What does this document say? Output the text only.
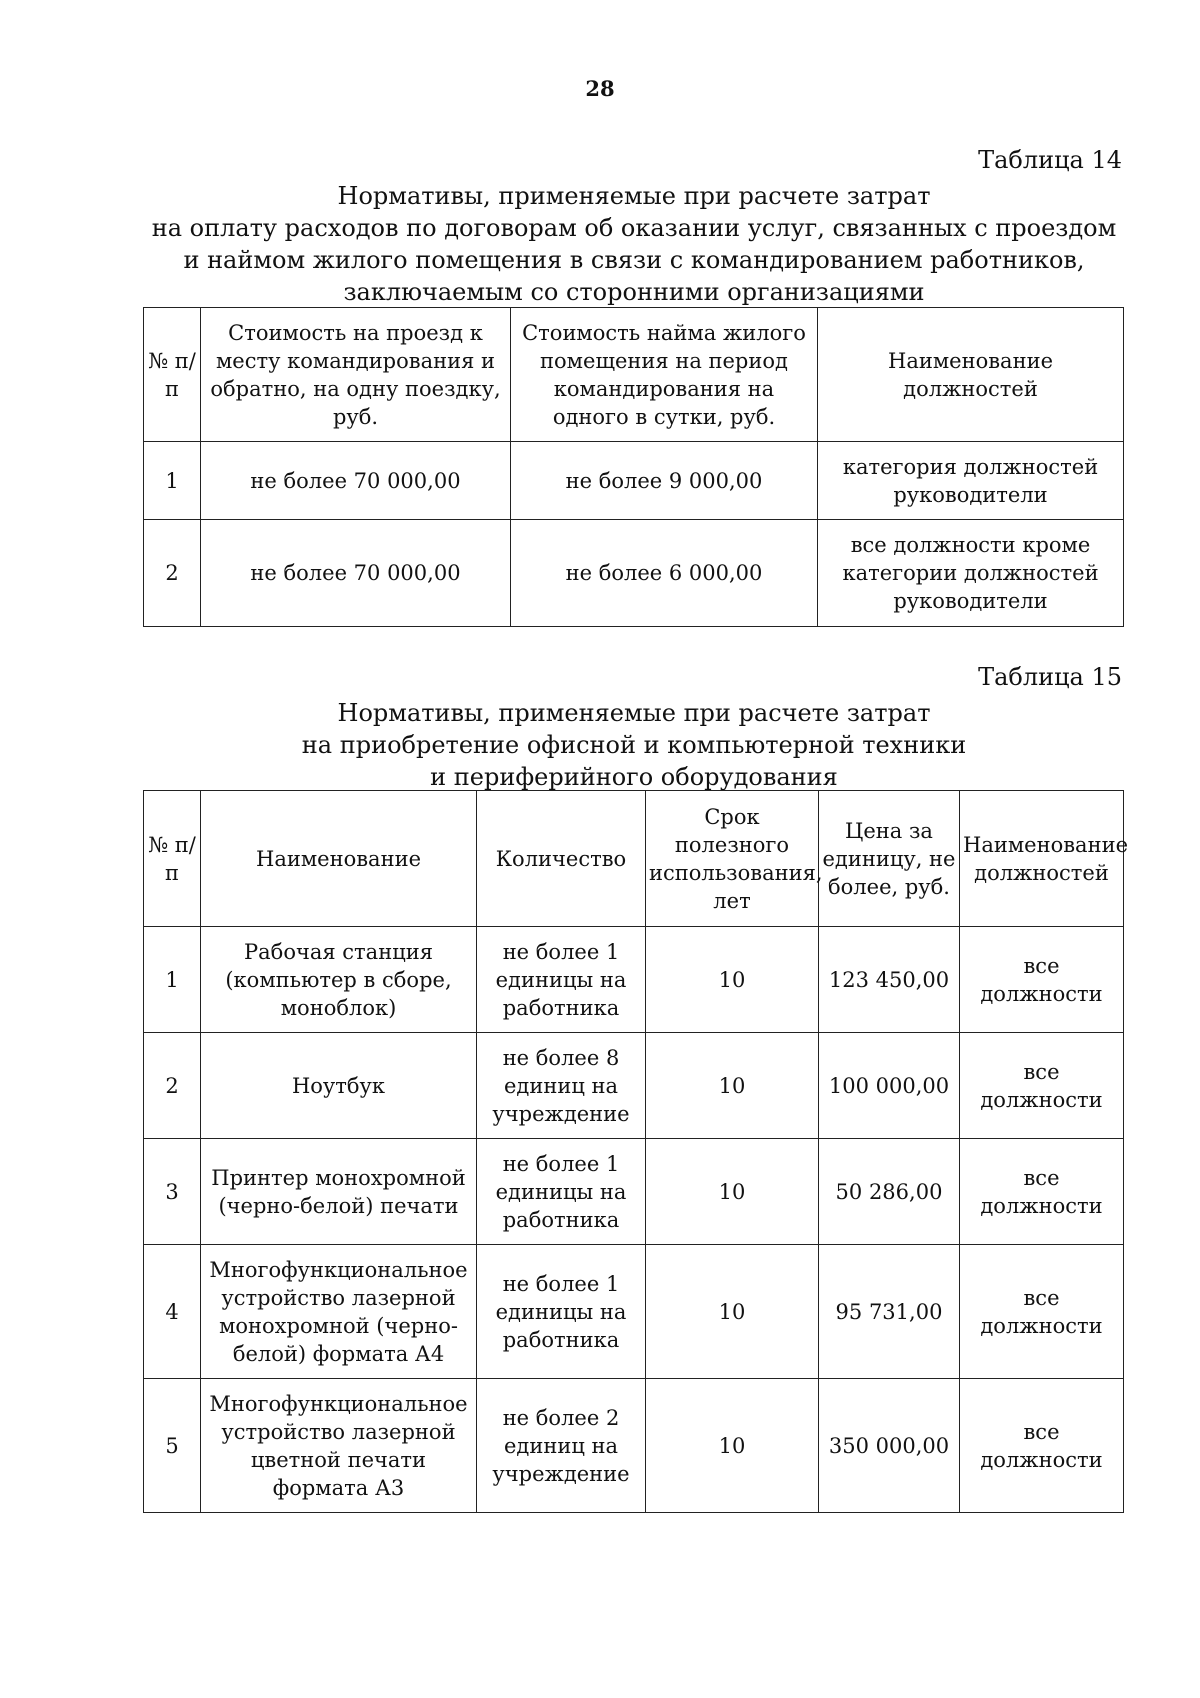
28
Таблица 14
Нормативы, применяемые при расчете затрат
на оплату расходов по договорам об оказании услуг, связанных с проездом
и наймом жилого помещения в связи с командированием работников,
заключаемым со сторонними организациями
№ п/п	Стоимость на проезд к месту командирования и обратно, на одну поездку, руб.	Стоимость найма жилого помещения на период командирования на одного в сутки, руб.	Наименование должностей
1	не более 70 000,00	не более 9 000,00	категория должностей руководители
2	не более 70 000,00	не более 6 000,00	все должности кроме категории должностей руководители
Таблица 15
Нормативы, применяемые при расчете затрат
на приобретение офисной и компьютерной техники
и периферийного оборудования
№ п/п	Наименование	Количество	Срок полезного использования, лет	Цена за единицу, не более, руб.	Наименование должностей
1	Рабочая станция (компьютер в сборе, моноблок)	не более 1 единицы на работника	10	123 450,00	все должности
2	Ноутбук	не более 8 единиц на учреждение	10	100 000,00	все должности
3	Принтер монохромной (черно-белой) печати	не более 1 единицы на работника	10	50 286,00	все должности
4	Многофункциональное устройство лазерной монохромной (черно-белой) формата А4	не более 1 единицы на работника	10	95 731,00	все должности
5	Многофункциональное устройство лазерной цветной печати формата А3	не более 2 единиц на учреждение	10	350 000,00	все должности
